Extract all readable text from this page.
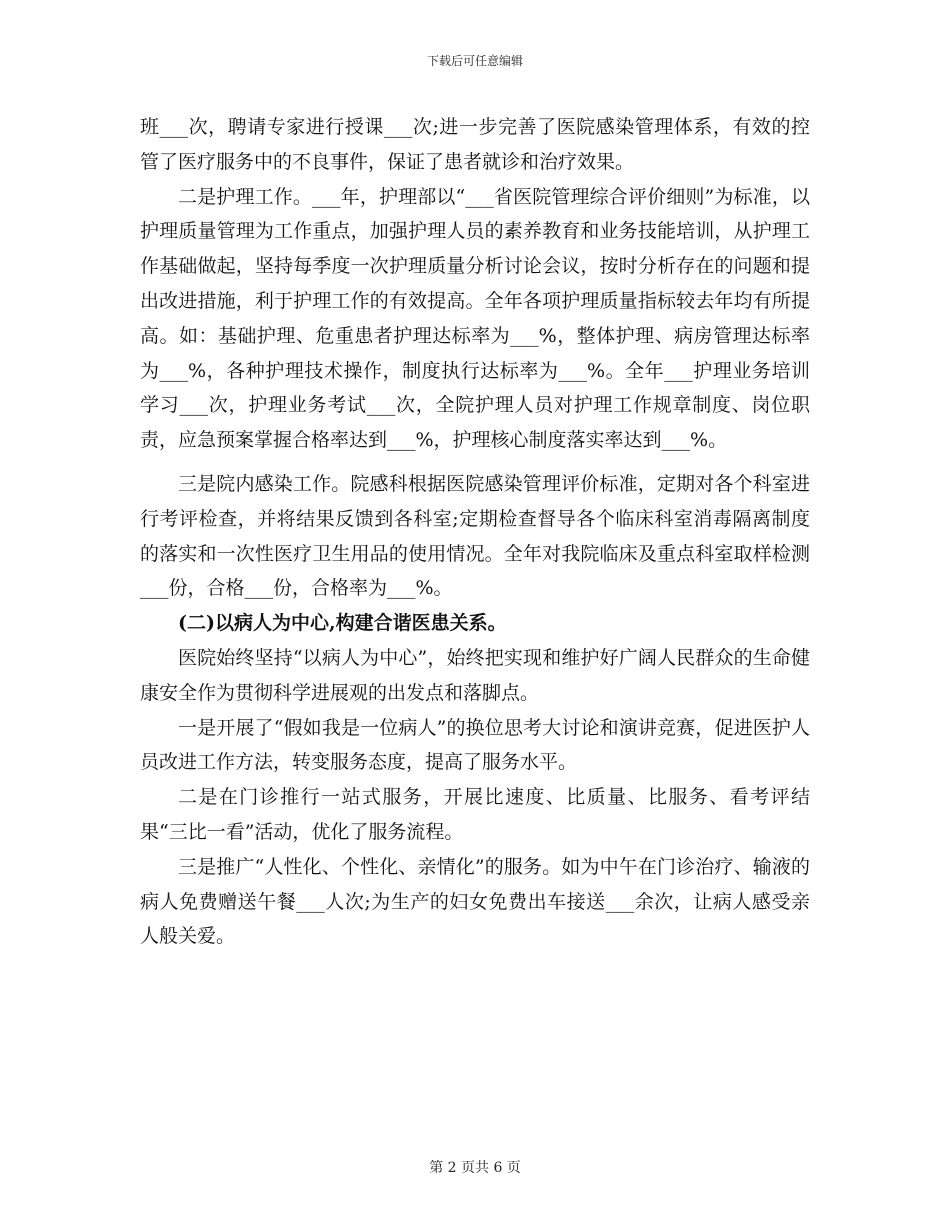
下载后可任意编辑

班___次，聘请专家进行授课___次;进一步完善了医院感染管理体系，有效的控管了医疗服务中的不良事件，保证了患者就诊和治疗效果。

二是护理工作。___年，护理部以“___省医院管理综合评价细则”为标准，以护理质量管理为工作重点，加强护理人员的素养教育和业务技能培训，从护理工作基础做起，坚持每季度一次护理质量分析讨论会议，按时分析存在的问题和提出改进措施，利于护理工作的有效提高。全年各项护理质量指标较去年均有所提高。如：基础护理、危重患者护理达标率为___%，整体护理、病房管理达标率为___%，各种护理技术操作，制度执行达标率为___%。全年___护理业务培训学习___次，护理业务考试___次，全院护理人员对护理工作规章制度、岗位职责，应急预案掌握合格率达到___%，护理核心制度落实率达到___%。

三是院内感染工作。院感科根据医院感染管理评价标准，定期对各个科室进行考评检查，并将结果反馈到各科室;定期检查督导各个临床科室消毒隔离制度的落实和一次性医疗卫生用品的使用情况。全年对我院临床及重点科室取样检测___份，合格___份，合格率为___%。

(二)以病人为中心,构建合谐医患关系。

医院始终坚持“以病人为中心”，始终把实现和维护好广阔人民群众的生命健康安全作为贯彻科学进展观的出发点和落脚点。

一是开展了“假如我是一位病人”的换位思考大讨论和演讲竞赛，促进医护人员改进工作方法，转变服务态度，提高了服务水平。

二是在门诊推行一站式服务，开展比速度、比质量、比服务、看考评结果“三比一看”活动，优化了服务流程。

三是推广“人性化、个性化、亲情化”的服务。如为中午在门诊治疗、输液的病人免费赠送午餐___人次;为生产的妇女免费出车接送___余次，让病人感受亲人般关爱。

第 2 页共 6 页
